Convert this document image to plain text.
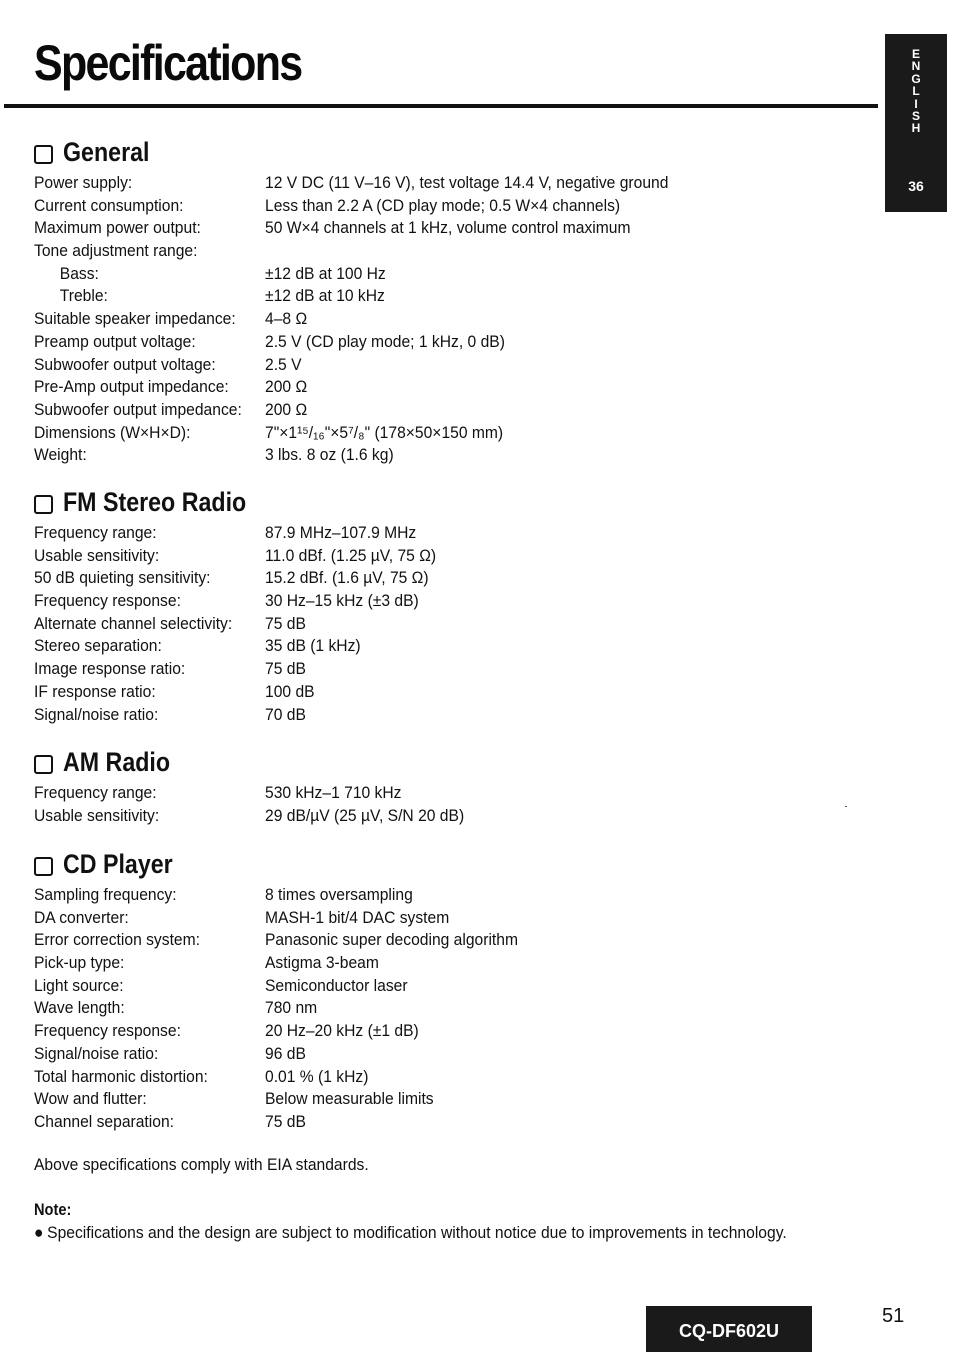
Specifications	E
N
G
L
I
S
H
36
General
Power supply:	12 V DC (11 V–16 V), test voltage 14.4 V, negative ground
Current consumption:	Less than 2.2 A (CD play mode; 0.5 W×4 channels)
Maximum power output:	50 W×4 channels at 1 kHz, volume control maximum
Tone adjustment range:
Bass:	±12 dB at 100 Hz
Treble:	±12 dB at 10 kHz
Suitable speaker impedance:	4–8 Ω
Preamp output voltage:	2.5 V (CD play mode; 1 kHz, 0 dB)
Subwoofer output voltage:	2.5 V
Pre-Amp output impedance:	200 Ω
Subwoofer output impedance: 200 Ω
Dimensions (W×H×D):	7"×1¹⁵/₁₆"×5⁷/₈" (178×50×150 mm)
Weight:	3 lbs. 8 oz (1.6 kg)
FM Stereo Radio
Frequency range:	87.9 MHz–107.9 MHz
Usable sensitivity:	11.0 dBf. (1.25 µV, 75 Ω)
50 dB quieting sensitivity:	15.2 dBf. (1.6 µV, 75 Ω)
Frequency response:	30 Hz–15 kHz (±3 dB)
Alternate channel selectivity:	75 dB
Stereo separation:	35 dB (1 kHz)
Image response ratio:	75 dB
IF response ratio:	100 dB
Signal/noise ratio:	70 dB
AM Radio
Frequency range:	530 kHz–1 710 kHz
Usable sensitivity:	29 dB/µV (25 µV, S/N 20 dB)
CD Player
Sampling frequency:	8 times oversampling
DA converter:	MASH-1 bit/4 DAC system
Error correction system:	Panasonic super decoding algorithm
Pick-up type:	Astigma 3-beam
Light source:	Semiconductor laser
Wave length:	780 nm
Frequency response:	20 Hz–20 kHz (±1 dB)
Signal/noise ratio:	96 dB
Total harmonic distortion:	0.01 % (1 kHz)
Wow and flutter:	Below measurable limits
Channel separation:	75 dB
Above specifications comply with EIA standards.
Note:
● Specifications and the design are subject to modification without notice due to improvements in technology.
CQ-DF602U
51
